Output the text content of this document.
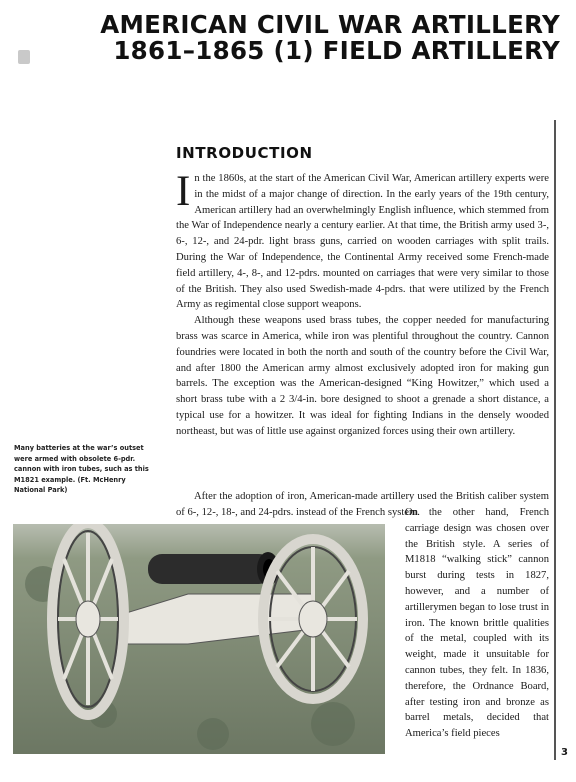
AMERICAN CIVIL WAR ARTILLERY
1861–1865 (1) FIELD ARTILLERY
INTRODUCTION

In the 1860s, at the start of the American Civil War, American artillery experts were in the midst of a major change of direction. In the early years of the 19th century, American artillery had an overwhelmingly English influence, which stemmed from the War of Independence nearly a century earlier. At that time, the British army used 3-, 6-, 12-, and 24-pdr. light brass guns, carried on wooden carriages with split trails. During the War of Independence, the Continental Army received some French-made field artillery, 4-, 8-, and 12-pdrs. mounted on carriages that were very similar to those of the British. They also used Swedish-made 4-pdrs. that were utilized by the French Army as regimental close support weapons.

Although these weapons used brass tubes, the copper needed for manufacturing brass was scarce in America, while iron was plentiful throughout the country. Cannon foundries were located in both the north and south of the country before the Civil War, and after 1800 the American army almost exclusively adopted iron for making gun barrels. The exception was the American-designed “King Howitzer,” which used a short brass tube with a 2 3/4-in. bore designed to shoot a grenade a short distance, a typical use for a howitzer. It was ideal for fighting Indians in the densely wooded northeast, but was of little use against organized forces using their own artillery.

After the adoption of iron, American-made artillery used the British caliber system of 6-, 12-, 18-, and 24-pdrs. instead of the French system.

On the other hand, French carriage design was chosen over the British style. A series of M1818 “walking stick” cannon burst during tests in 1827, however, and a number of artillerymen began to lose trust in iron. The known brittle qualities of the metal, coupled with its weight, made it unsuitable for cannon tubes, they felt. In 1836, therefore, the Ordnance Board, after testing iron and bronze as barrel metals, decided that America’s field pieces
Many batteries at the war’s outset were armed with obsolete 6-pdr. cannon with iron tubes, such as this M1821 example. (Ft. McHenry National Park)
3
